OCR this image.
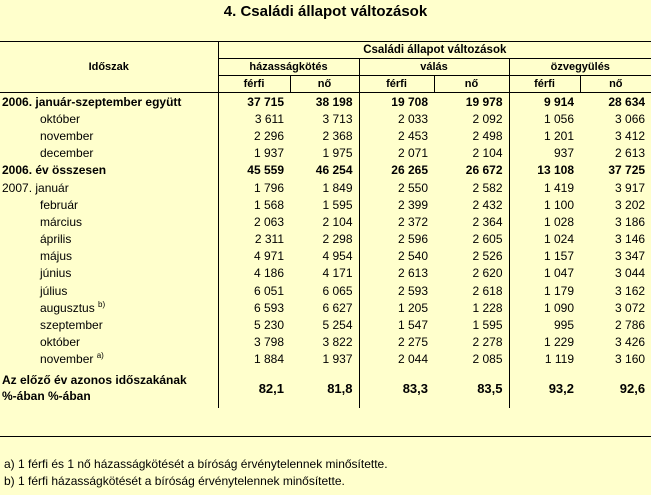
4. Családi állapot változások
Időszak	Családi állapot változások					
	házasságkötés		válás		özvegyülés	
	férfi	nő	férfi	nő	férfi	nő
2006. január-szeptember együtt	37 715	38 198	19 708	19 978	9 914	28 634
október	3 611	3 713	2 033	2 092	1 056	3 066
november	2 296	2 368	2 453	2 498	1 201	3 412
december	1 937	1 975	2 071	2 104	937	2 613
2006. év összesen	45 559	46 254	26 265	26 672	13 108	37 725
2007. január	1 796	1 849	2 550	2 582	1 419	3 917
február	1 568	1 595	2 399	2 432	1 100	3 202
március	2 063	2 104	2 372	2 364	1 028	3 186
április	2 311	2 298	2 596	2 605	1 024	3 146
május	4 971	4 954	2 540	2 526	1 157	3 347
június	4 186	4 171	2 613	2 620	1 047	3 044
július	6 051	6 065	2 593	2 618	1 179	3 162
augusztus $^{b)}$	6 593	6 627	1 205	1 228	1 090	3 072
szeptember	5 230	5 254	1 547	1 595	995	2 786
október	3 798	3 822	2 275	2 278	1 229	3 426
november $^{a)}$	1 884	1 937	2 044	2 085	1 119	3 160

Az előző év azonos időszakának
%-ában %-ában	82,1	81,8	83,3	83,5	93,2	92,6
a) 1 férfi és 1 nő házasságkötését a bíróság érvénytelennek minősítette.
b) 1 férfi házasságkötését a bíróság érvénytelennek minősítette.
